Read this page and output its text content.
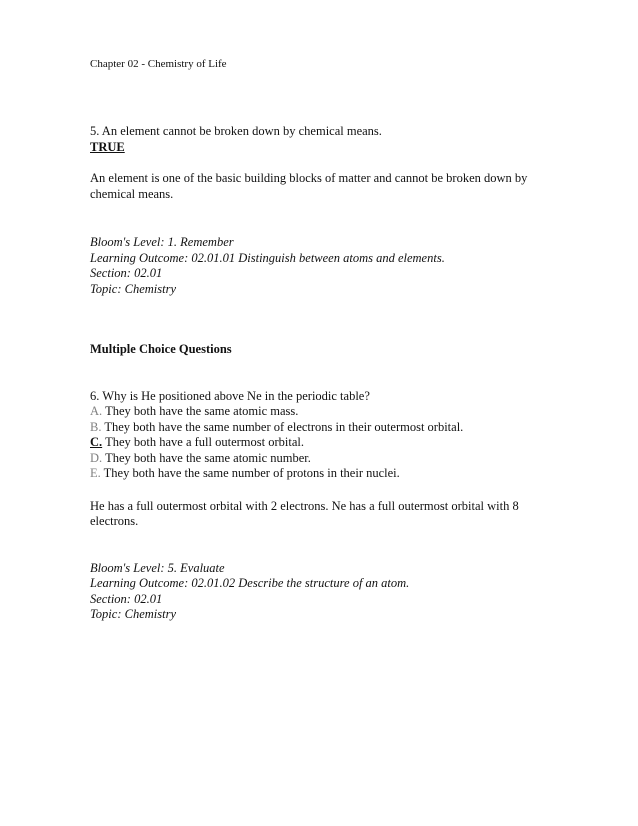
Chapter 02 - Chemistry of Life

5. An element cannot be broken down by chemical means.

TRUE

An element is one of the basic building blocks of matter and cannot be broken down by chemical means.

Bloom's Level: 1. Remember

Learning Outcome: 02.01.01 Distinguish between atoms and elements.

Section: 02.01

Topic: Chemistry

Multiple Choice Questions

6. Why is He positioned above Ne in the periodic table?

A. They both have the same atomic mass.

B. They both have the same number of electrons in their outermost orbital.

C. They both have a full outermost orbital.

D. They both have the same atomic number.

E. They both have the same number of protons in their nuclei.

He has a full outermost orbital with 2 electrons. Ne has a full outermost orbital with 8 electrons.

Bloom's Level: 5. Evaluate

Learning Outcome: 02.01.02 Describe the structure of an atom.

Section: 02.01

Topic: Chemistry
